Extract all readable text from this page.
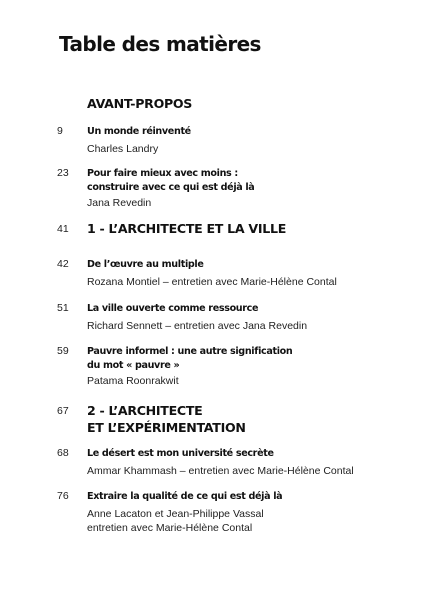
Table des matières
AVANT-PROPOS
9	Un monde réinventé
Charles Landry
23	Pour faire mieux avec moins :
construire avec ce qui est déjà là
Jana Revedin
41	1 - L’ARCHITECTE ET LA VILLE
42	De l’œuvre au multiple
Rozana Montiel – entretien avec Marie-Hélène Contal
51	La ville ouverte comme ressource
Richard Sennett – entretien avec Jana Revedin
59	Pauvre informel : une autre signification
du mot « pauvre »
Patama Roonrakwit
67	2 - L’ARCHITECTE
ET L’EXPÉRIMENTATION
68	Le désert est mon université secrète
Ammar Khammash – entretien avec Marie-Hélène Contal
76	Extraire la qualité de ce qui est déjà là
Anne Lacaton et Jean-Philippe Vassal
entretien avec Marie-Hélène Contal
